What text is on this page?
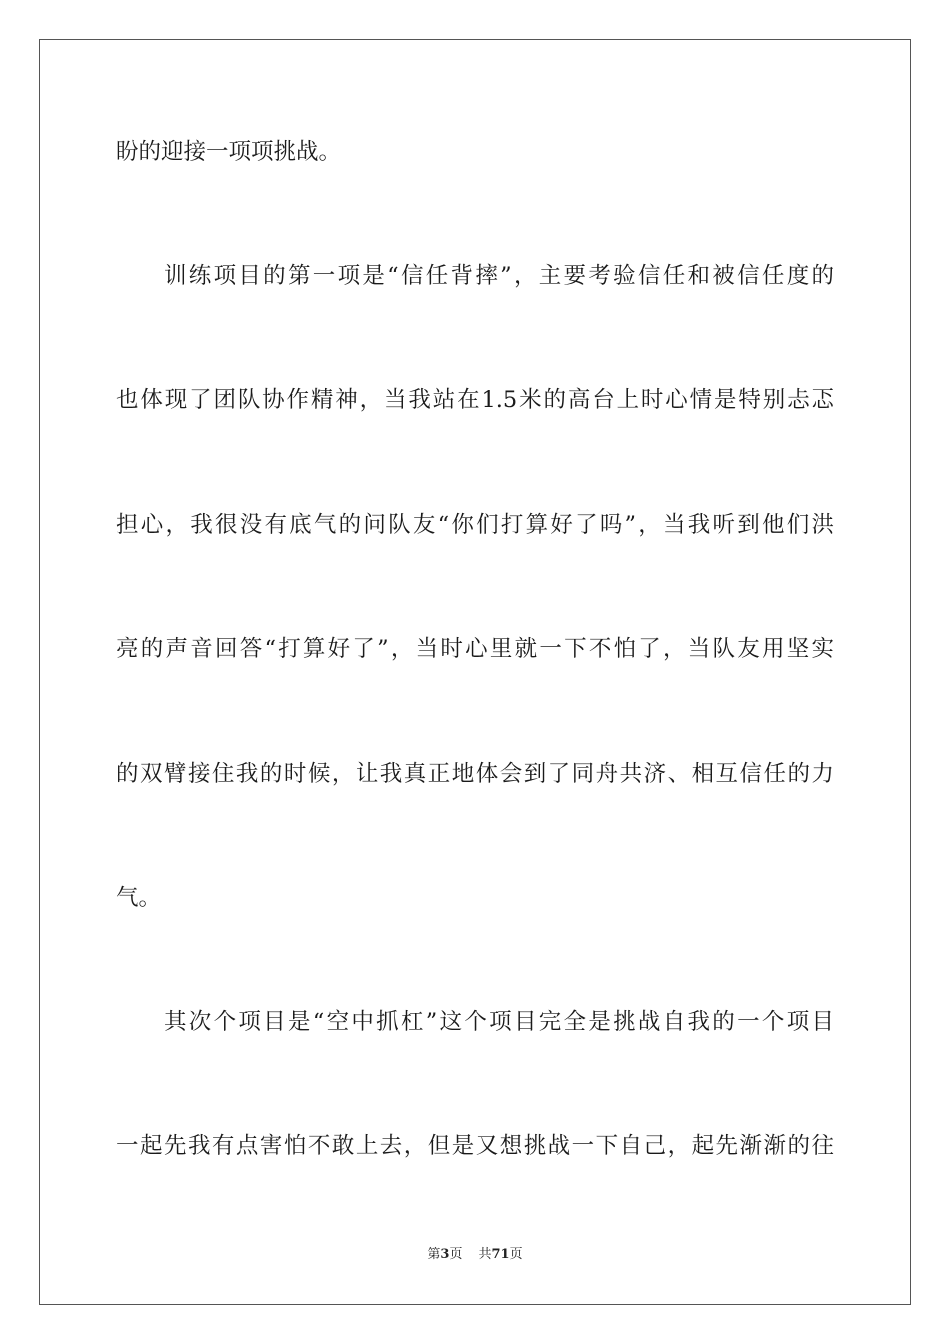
盼的迎接一项项挑战。
训练项目的第一项是“信任背摔”，主要考验信任和被信任度的
也体现了团队协作精神，当我站在1.5米的高台上时心情是特别忐忑
担心，我很没有底气的问队友“你们打算好了吗”，当我听到他们洪
亮的声音回答“打算好了”，当时心里就一下不怕了，当队友用坚实
的双臂接住我的时候，让我真正地体会到了同舟共济、相互信任的力
气。
其次个项目是“空中抓杠”这个项目完全是挑战自我的一个项目
一起先我有点害怕不敢上去，但是又想挑战一下自己，起先渐渐的往
第3页 共71页
